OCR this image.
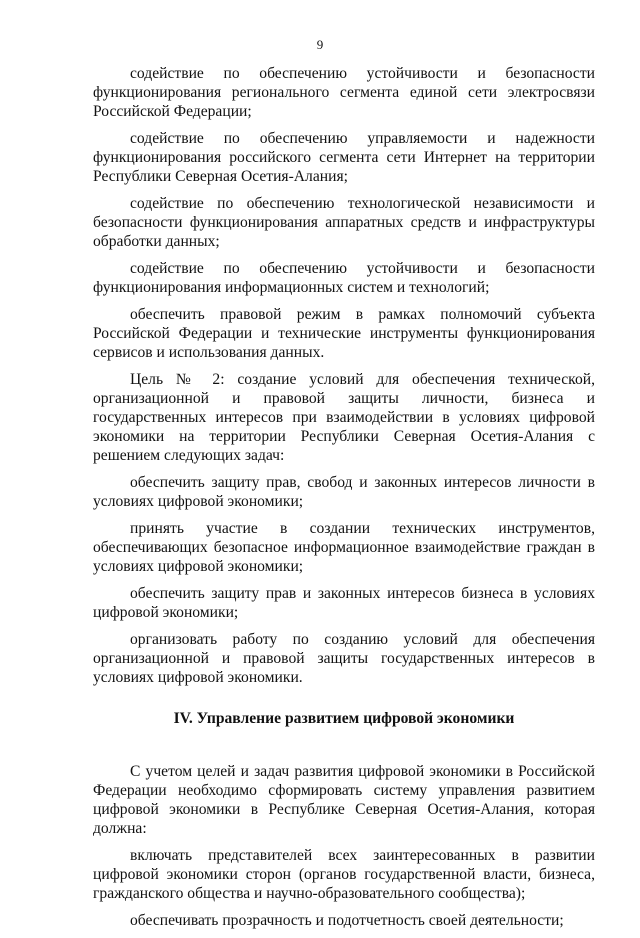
9

содействие по обеспечению устойчивости и безопасности функционирования регионального сегмента единой сети электросвязи Российской Федерации;

содействие по обеспечению управляемости и надежности функционирования российского сегмента сети Интернет на территории Республики Северная Осетия-Алания;

содействие по обеспечению технологической независимости и безопасности функционирования аппаратных средств и инфраструктуры обработки данных;

содействие по обеспечению устойчивости и безопасности функционирования информационных систем и технологий;

обеспечить правовой режим в рамках полномочий субъекта Российской Федерации и технические инструменты функционирования сервисов и использования данных.

Цель № 2: создание условий для обеспечения технической, организационной и правовой защиты личности, бизнеса и государственных интересов при взаимодействии в условиях цифровой экономики на территории Республики Северная Осетия-Алания с решением следующих задач:

обеспечить защиту прав, свобод и законных интересов личности в условиях цифровой экономики;

принять участие в создании технических инструментов, обеспечивающих безопасное информационное взаимодействие граждан в условиях цифровой экономики;

обеспечить защиту прав и законных интересов бизнеса в условиях цифровой экономики;

организовать работу по созданию условий для обеспечения организационной и правовой защиты государственных интересов в условиях цифровой экономики.

IV. Управление развитием цифровой экономики

С учетом целей и задач развития цифровой экономики в Российской Федерации необходимо сформировать систему управления развитием цифровой экономики в Республике Северная Осетия-Алания, которая должна:

включать представителей всех заинтересованных в развитии цифровой экономики сторон (органов государственной власти, бизнеса, гражданского общества и научно-образовательного сообщества);

обеспечивать прозрачность и подотчетность своей деятельности;
